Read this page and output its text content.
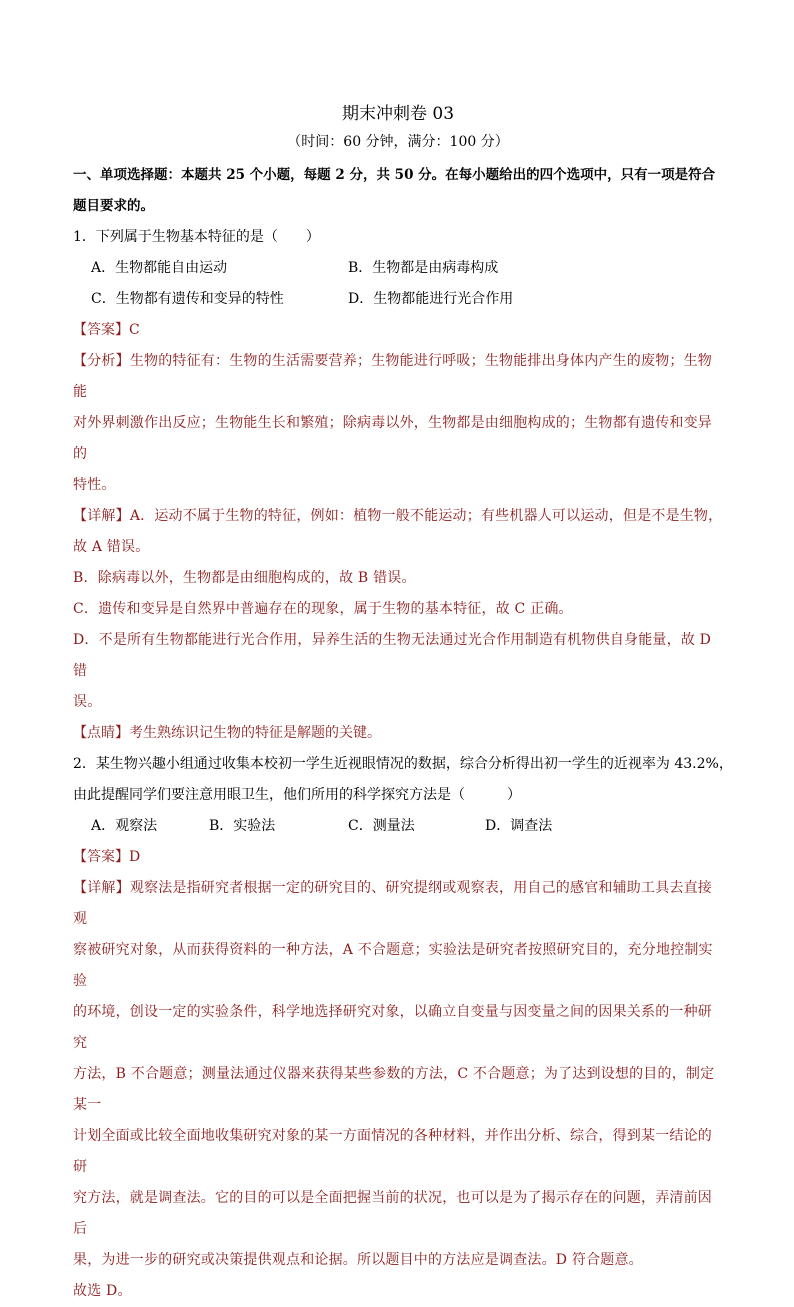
期末冲刺卷 03
（时间：60 分钟，满分：100 分）
一、单项选择题：本题共 25 个小题，每题 2 分，共 50 分。在每小题给出的四个选项中，只有一项是符合
题目要求的。
1．下列属于生物基本特征的是（　　）
A．生物都能自由运动	B．生物都是由病毒构成
C．生物都有遗传和变异的特性	D．生物都能进行光合作用
【答案】C
【分析】生物的特征有：生物的生活需要营养；生物能进行呼吸；生物能排出身体内产生的废物；生物能
对外界刺激作出反应；生物能生长和繁殖；除病毒以外，生物都是由细胞构成的；生物都有遗传和变异的
特性。
【详解】A．运动不属于生物的特征，例如：植物一般不能运动；有些机器人可以运动，但是不是生物，
故 A 错误。
B．除病毒以外，生物都是由细胞构成的，故 B 错误。
C．遗传和变异是自然界中普遍存在的现象，属于生物的基本特征，故 C 正确。
D．不是所有生物都能进行光合作用，异养生活的生物无法通过光合作用制造有机物供自身能量，故 D 错
误。
【点睛】考生熟练识记生物的特征是解题的关键。
2．某生物兴趣小组通过收集本校初一学生近视眼情况的数据，综合分析得出初一学生的近视率为 43.2%，
由此提醒同学们要注意用眼卫生，他们所用的科学探究方法是（　　　）
A．观察法	B．实验法	C．测量法	D．调查法
【答案】D
【详解】观察法是指研究者根据一定的研究目的、研究提纲或观察表，用自己的感官和辅助工具去直接观
察被研究对象，从而获得资料的一种方法，A 不合题意；实验法是研究者按照研究目的，充分地控制实验
的环境，创设一定的实验条件，科学地选择研究对象，以确立自变量与因变量之间的因果关系的一种研究
方法，B 不合题意；测量法通过仪器来获得某些参数的方法，C 不合题意；为了达到设想的目的，制定某一
计划全面或比较全面地收集研究对象的某一方面情况的各种材料，并作出分析、综合，得到某一结论的研
究方法，就是调查法。它的目的可以是全面把握当前的状况，也可以是为了揭示存在的问题，弄清前因后
果，为进一步的研究或决策提供观点和论据。所以题目中的方法应是调查法。D 符合题意。
故选 D。
